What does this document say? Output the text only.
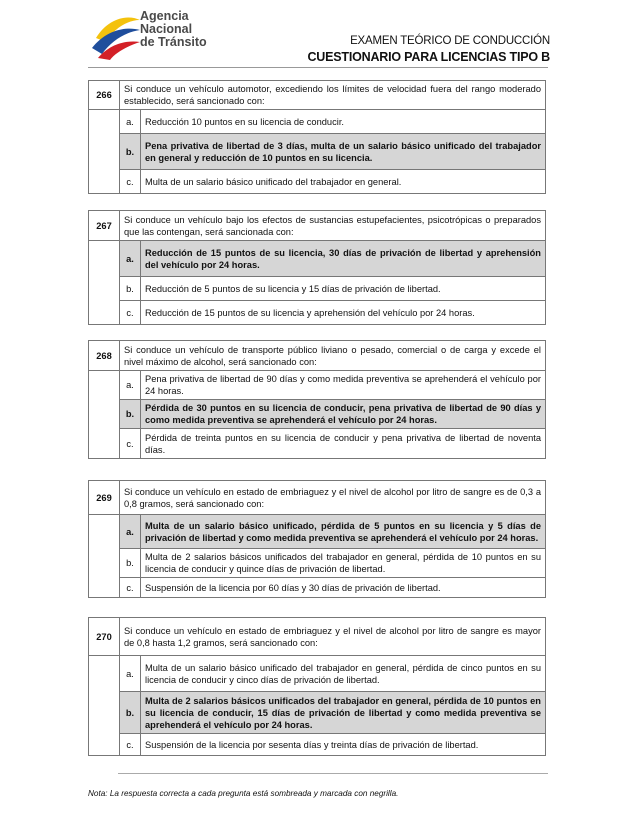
Agencia
Nacional
de Tránsito	EXAMEN TEÓRICO DE CONDUCCIÓN
CUESTIONARIO PARA LICENCIAS TIPO B
266	Si conduce un vehículo automotor, excediendo los límites de velocidad fuera del rango moderado establecido, será sancionado con:	
	a.	Reducción 10 puntos en su licencia de conducir.
	b.	Pena privativa de libertad de 3 días, multa de un salario básico unificado del trabajador en general y reducción de 10 puntos en su licencia.
	c.	Multa de un salario básico unificado del trabajador en general.
267	Si conduce un vehículo bajo los efectos de sustancias estupefacientes, psicotrópicas o preparados que las contengan, será sancionada con:	
	a.	Reducción de 15 puntos de su licencia, 30 días de privación de libertad y aprehensión del vehículo por 24 horas.
	b.	Reducción de 5 puntos de su licencia y 15 días de privación de libertad.
	c.	Reducción de 15 puntos de su licencia y aprehensión del vehículo por 24 horas.
268	Si conduce un vehículo de transporte público liviano o pesado, comercial o de carga y excede el nivel máximo de alcohol, será sancionado con:	
	a.	Pena privativa de libertad de 90 días y como medida preventiva se aprehenderá el vehículo por 24 horas.
	b.	Pérdida de 30 puntos en su licencia de conducir, pena privativa de libertad de 90 días y como medida preventiva se aprehenderá el vehículo por 24 horas.
	c.	Pérdida de treinta puntos en su licencia de conducir y pena privativa de libertad de noventa días.
269	Si conduce un vehículo en estado de embriaguez y el nivel de alcohol por litro de sangre es de 0,3 a 0,8 gramos, será sancionado con:	
	a.	Multa de un salario básico unificado, pérdida de 5 puntos en su licencia y 5 días de privación de libertad y como medida preventiva se aprehenderá el vehículo por 24 horas.
	b.	Multa de 2 salarios básicos unificados del trabajador en general, pérdida de 10 puntos en su licencia de conducir y quince días de privación de libertad.
	c.	Suspensión de la licencia por 60 días y 30 días de privación de libertad.
270	Si conduce un vehículo en estado de embriaguez y el nivel de alcohol por litro de sangre es mayor de 0,8 hasta 1,2 gramos, será sancionado con:	
	a.	Multa de un salario básico unificado del trabajador en general, pérdida de cinco puntos en su licencia de conducir y cinco días de privación de libertad.
	b.	Multa de 2 salarios básicos unificados del trabajador en general, pérdida de 10 puntos en su licencia de conducir, 15 días de privación de libertad y como medida preventiva se aprehenderá el vehículo por 24 horas.
	c.	Suspensión de la licencia por sesenta días y treinta días de privación de libertad.
Nota: La respuesta correcta a cada pregunta está sombreada y marcada con negrilla.
